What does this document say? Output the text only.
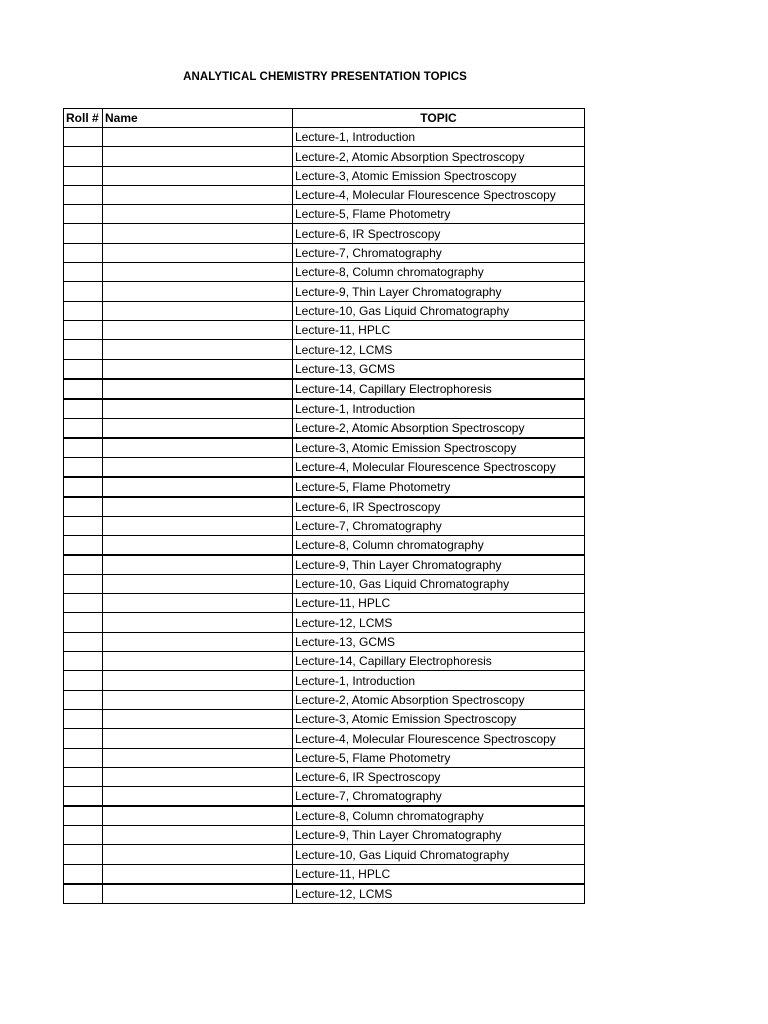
ANALYTICAL CHEMISTRY PRESENTATION TOPICS
Roll #	Name	TOPIC
		Lecture-1, Introduction
		Lecture-2, Atomic Absorption Spectroscopy
		Lecture-3, Atomic Emission Spectroscopy
		Lecture-4, Molecular Flourescence Spectroscopy
		Lecture-5, Flame Photometry
		Lecture-6, IR Spectroscopy
		Lecture-7, Chromatography
		Lecture-8, Column chromatography
		Lecture-9, Thin Layer Chromatography
		Lecture-10, Gas Liquid Chromatography
		Lecture-11, HPLC
		Lecture-12, LCMS
		Lecture-13, GCMS
		Lecture-14, Capillary Electrophoresis
		Lecture-1, Introduction
		Lecture-2, Atomic Absorption Spectroscopy
		Lecture-3, Atomic Emission Spectroscopy
		Lecture-4, Molecular Flourescence Spectroscopy
		Lecture-5, Flame Photometry
		Lecture-6, IR Spectroscopy
		Lecture-7, Chromatography
		Lecture-8, Column chromatography
		Lecture-9, Thin Layer Chromatography
		Lecture-10, Gas Liquid Chromatography
		Lecture-11, HPLC
		Lecture-12, LCMS
		Lecture-13, GCMS
		Lecture-14, Capillary Electrophoresis
		Lecture-1, Introduction
		Lecture-2, Atomic Absorption Spectroscopy
		Lecture-3, Atomic Emission Spectroscopy
		Lecture-4, Molecular Flourescence Spectroscopy
		Lecture-5, Flame Photometry
		Lecture-6, IR Spectroscopy
		Lecture-7, Chromatography
		Lecture-8, Column chromatography
		Lecture-9, Thin Layer Chromatography
		Lecture-10, Gas Liquid Chromatography
		Lecture-11, HPLC
		Lecture-12, LCMS
